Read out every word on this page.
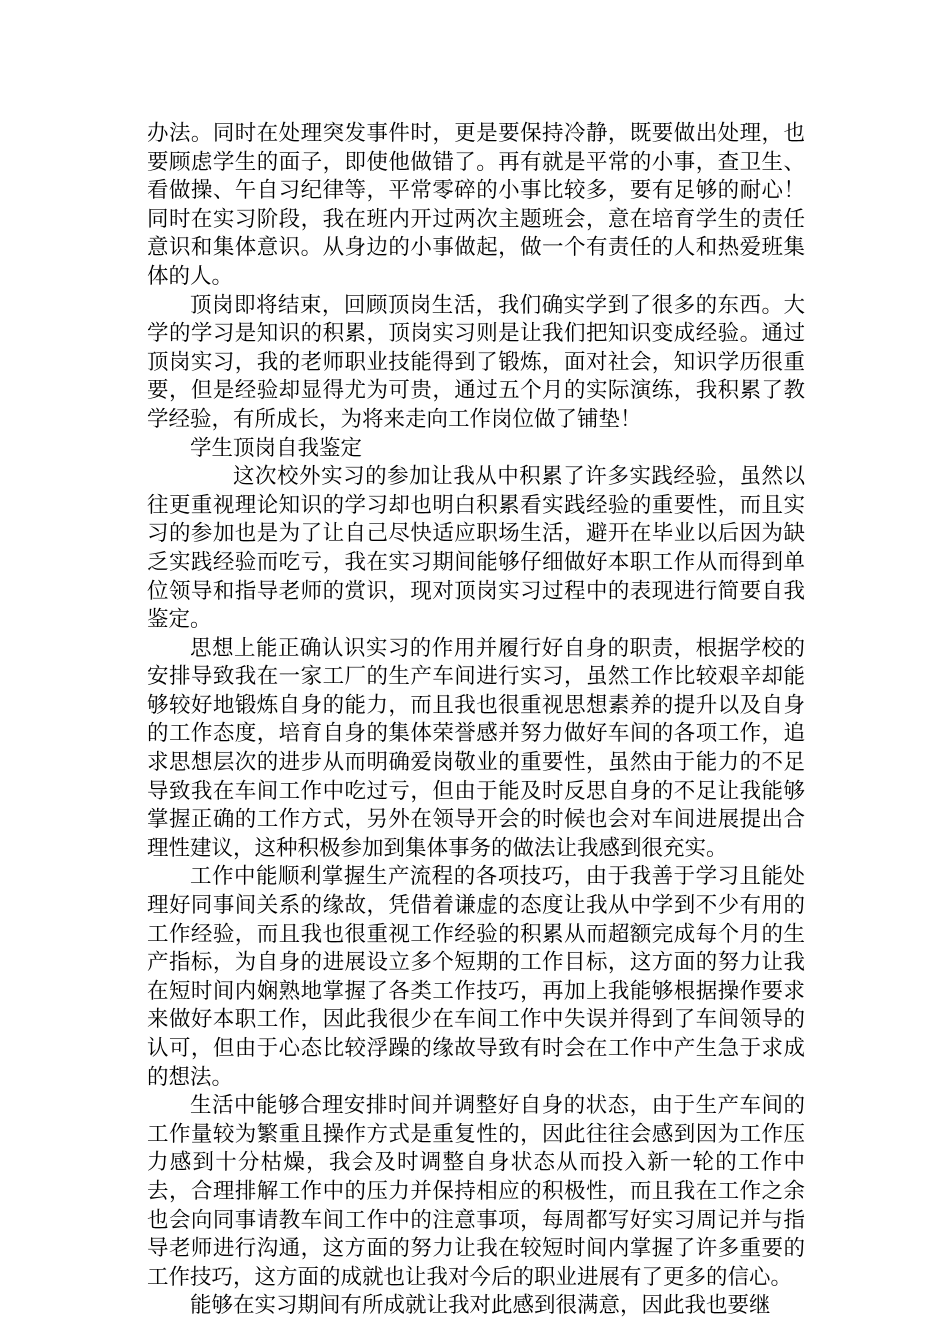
办法。同时在处理突发事件时，更是要保持冷静，既要做出处理，也要顾虑学生的面子，即使他做错了。再有就是平常的小事，查卫生、看做操、午自习纪律等，平常零碎的小事比较多，要有足够的耐心！同时在实习阶段，我在班内开过两次主题班会，意在培育学生的责任意识和集体意识。从身边的小事做起，做一个有责任的人和热爱班集体的人。

顶岗即将结束，回顾顶岗生活，我们确实学到了很多的东西。大学的学习是知识的积累，顶岗实习则是让我们把知识变成经验。通过顶岗实习，我的老师职业技能得到了锻炼，面对社会，知识学历很重要，但是经验却显得尤为可贵，通过五个月的实际演练，我积累了教学经验，有所成长，为将来走向工作岗位做了铺垫！

学生顶岗自我鉴定

这次校外实习的参加让我从中积累了许多实践经验，虽然以往更重视理论知识的学习却也明白积累看实践经验的重要性，而且实习的参加也是为了让自己尽快适应职场生活，避开在毕业以后因为缺乏实践经验而吃亏，我在实习期间能够仔细做好本职工作从而得到单位领导和指导老师的赏识，现对顶岗实习过程中的表现进行简要自我鉴定。

思想上能正确认识实习的作用并履行好自身的职责，根据学校的安排导致我在一家工厂的生产车间进行实习，虽然工作比较艰辛却能够较好地锻炼自身的能力，而且我也很重视思想素养的提升以及自身的工作态度，培育自身的集体荣誉感并努力做好车间的各项工作，追求思想层次的进步从而明确爱岗敬业的重要性，虽然由于能力的不足导致我在车间工作中吃过亏，但由于能及时反思自身的不足让我能够掌握正确的工作方式，另外在领导开会的时候也会对车间进展提出合理性建议，这种积极参加到集体事务的做法让我感到很充实。

工作中能顺利掌握生产流程的各项技巧，由于我善于学习且能处理好同事间关系的缘故，凭借着谦虚的态度让我从中学到不少有用的工作经验，而且我也很重视工作经验的积累从而超额完成每个月的生产指标，为自身的进展设立多个短期的工作目标，这方面的努力让我在短时间内娴熟地掌握了各类工作技巧，再加上我能够根据操作要求来做好本职工作，因此我很少在车间工作中失误并得到了车间领导的认可，但由于心态比较浮躁的缘故导致有时会在工作中产生急于求成的想法。

生活中能够合理安排时间并调整好自身的状态，由于生产车间的工作量较为繁重且操作方式是重复性的，因此往往会感到因为工作压力感到十分枯燥，我会及时调整自身状态从而投入新一轮的工作中去，合理排解工作中的压力并保持相应的积极性，而且我在工作之余也会向同事请教车间工作中的注意事项，每周都写好实习周记并与指导老师进行沟通，这方面的努力让我在较短时间内掌握了许多重要的工作技巧，这方面的成就也让我对今后的职业进展有了更多的信心。

能够在实习期间有所成就让我对此感到很满意，因此我也要继
